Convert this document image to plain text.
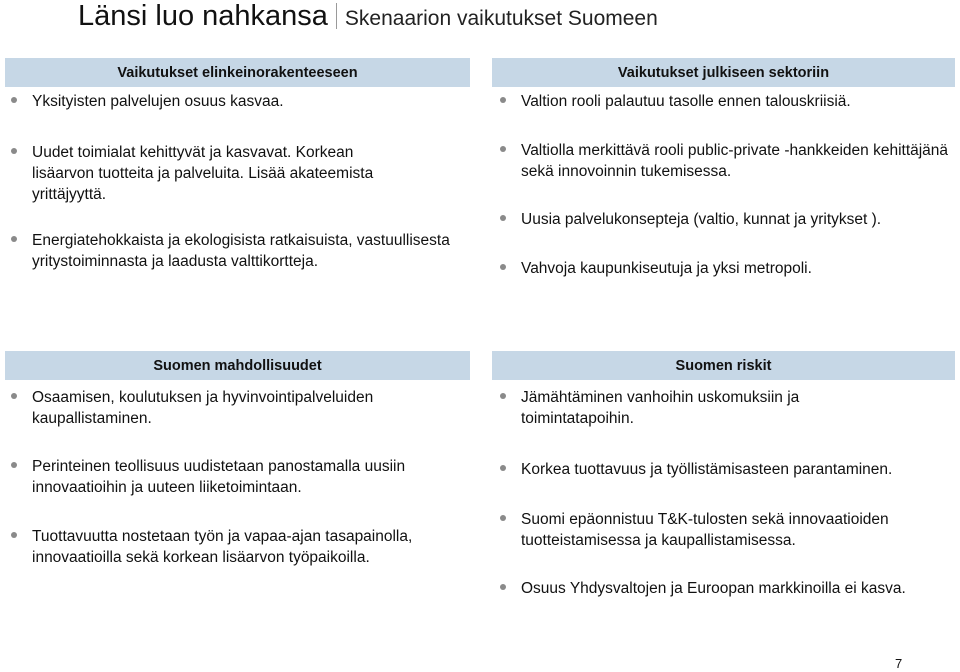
Länsi luo nahkansa Skenaarion vaikutukset Suomeen
Vaikutukset elinkeinorakenteeseen
Yksityisten palvelujen osuus kasvaa.
Uudet toimialat kehittyvät ja kasvavat. Korkean lisäarvon tuotteita ja palveluita. Lisää akateemista yrittäjyyttä.
Energiatehokkaista ja ekologisista ratkaisuista, vastuullisesta yritystoiminnasta ja laadusta valttikortteja.
Vaikutukset julkiseen sektoriin
Valtion rooli palautuu tasolle ennen talouskriisiä.
Valtiolla merkittävä rooli public-private -hankkeiden kehittäjänä sekä innovoinnin tukemisessa.
Uusia palvelukonsepteja (valtio, kunnat ja yritykset ).
Vahvoja kaupunkiseutuja ja yksi metropoli.
Suomen mahdollisuudet
Osaamisen, koulutuksen ja hyvinvointipalveluiden kaupallistaminen.
Perinteinen teollisuus uudistetaan panostamalla uusiin innovaatioihin ja uuteen liiketoimintaan.
Tuottavuutta nostetaan työn ja vapaa-ajan tasapainolla, innovaatioilla sekä korkean lisäarvon työpaikoilla.
Suomen riskit
Jämähtäminen vanhoihin uskomuksiin ja toimintatapoihin.
Korkea tuottavuus ja työllistämisasteen parantaminen.
Suomi epäonnistuu T&K-tulosten sekä innovaatioiden tuotteistamisessa ja kaupallistamisessa.
Osuus Yhdysvaltojen ja Euroopan markkinoilla ei kasva.
7
